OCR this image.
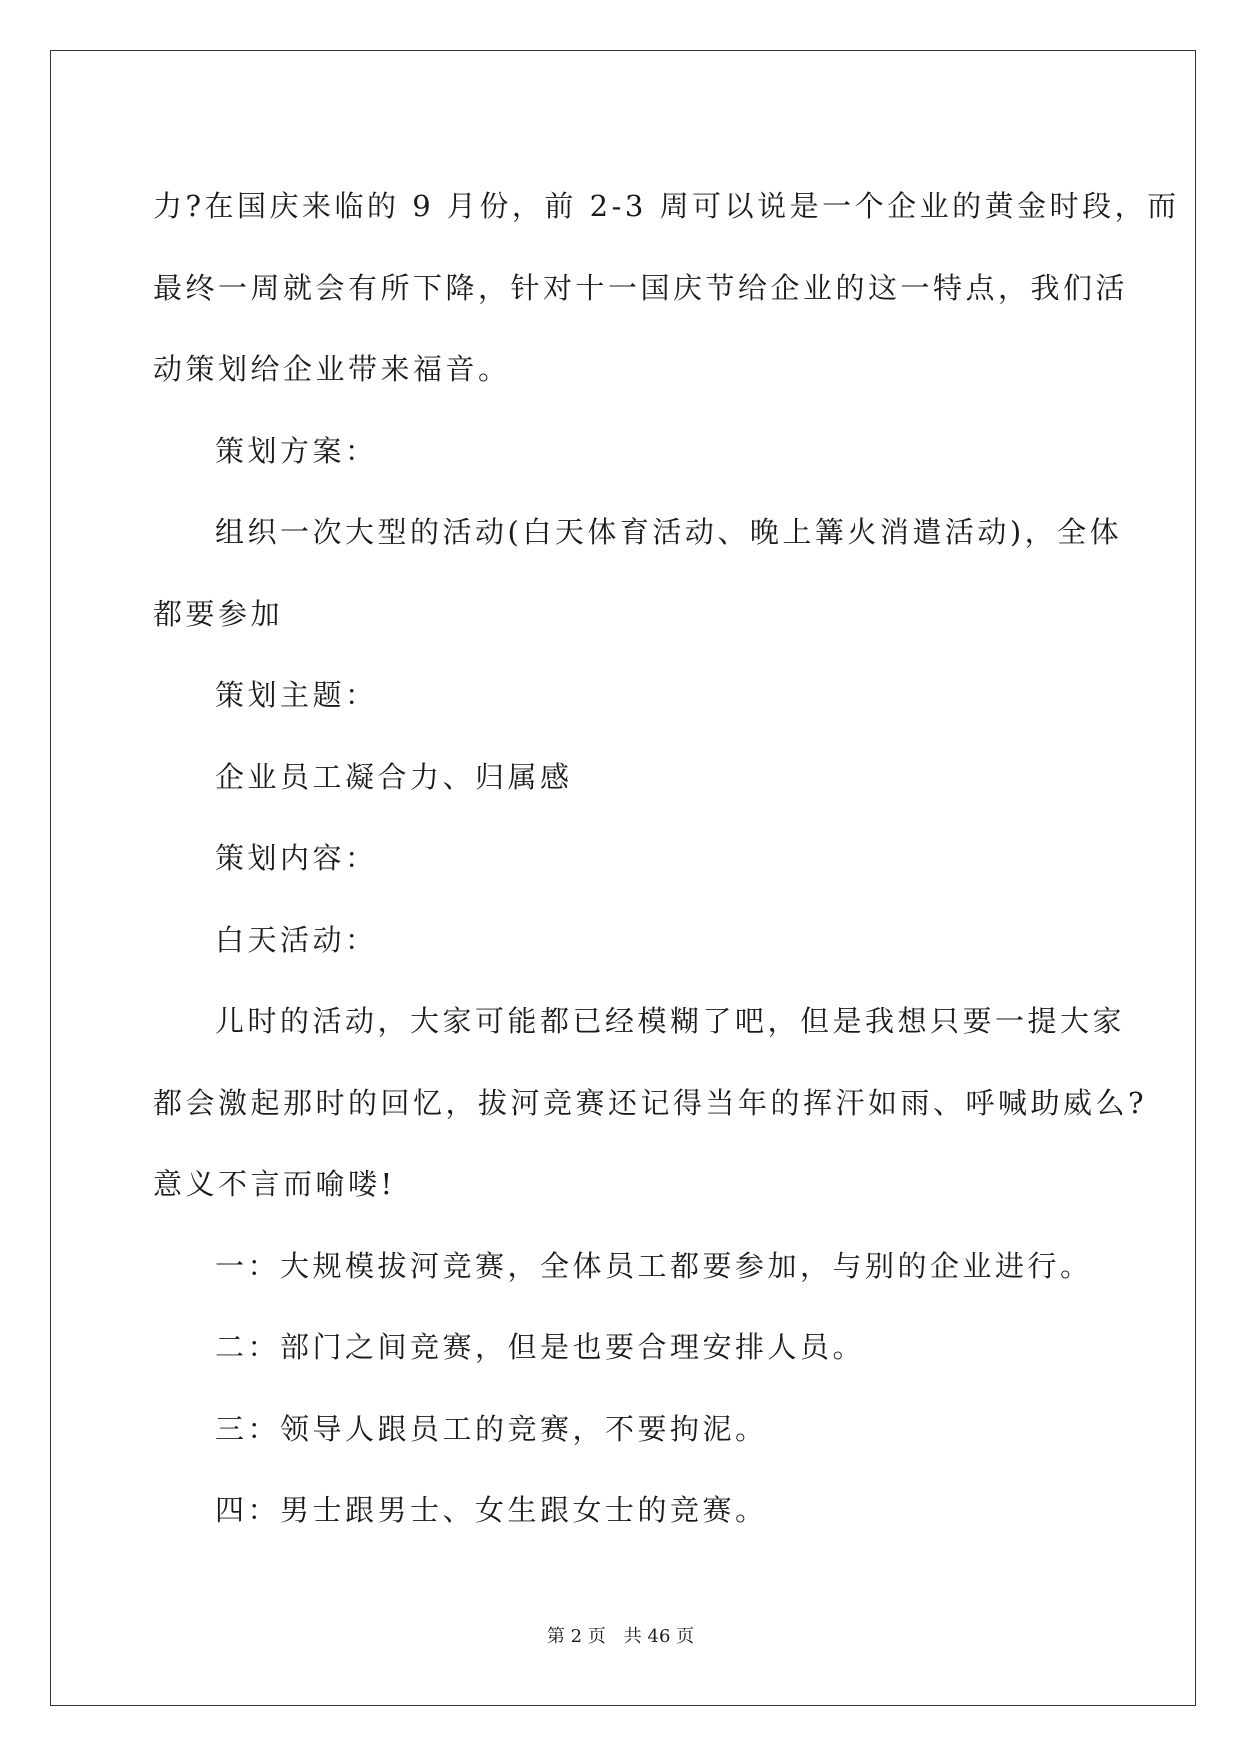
力?在国庆来临的 9 月份，前 2-3 周可以说是一个企业的黄金时段，而

最终一周就会有所下降，针对十一国庆节给企业的这一特点，我们活

动策划给企业带来福音。

策划方案：

组织一次大型的活动(白天体育活动、晚上篝火消遣活动)，全体

都要参加

策划主题：

企业员工凝合力、归属感

策划内容：

白天活动：

儿时的活动，大家可能都已经模糊了吧，但是我想只要一提大家

都会激起那时的回忆，拔河竞赛还记得当年的挥汗如雨、呼喊助威么?

意义不言而喻喽!

一：大规模拔河竞赛，全体员工都要参加，与别的企业进行。

二：部门之间竞赛，但是也要合理安排人员。

三：领导人跟员工的竞赛，不要拘泥。

四：男士跟男士、女生跟女士的竞赛。

第 2 页 共 46 页
